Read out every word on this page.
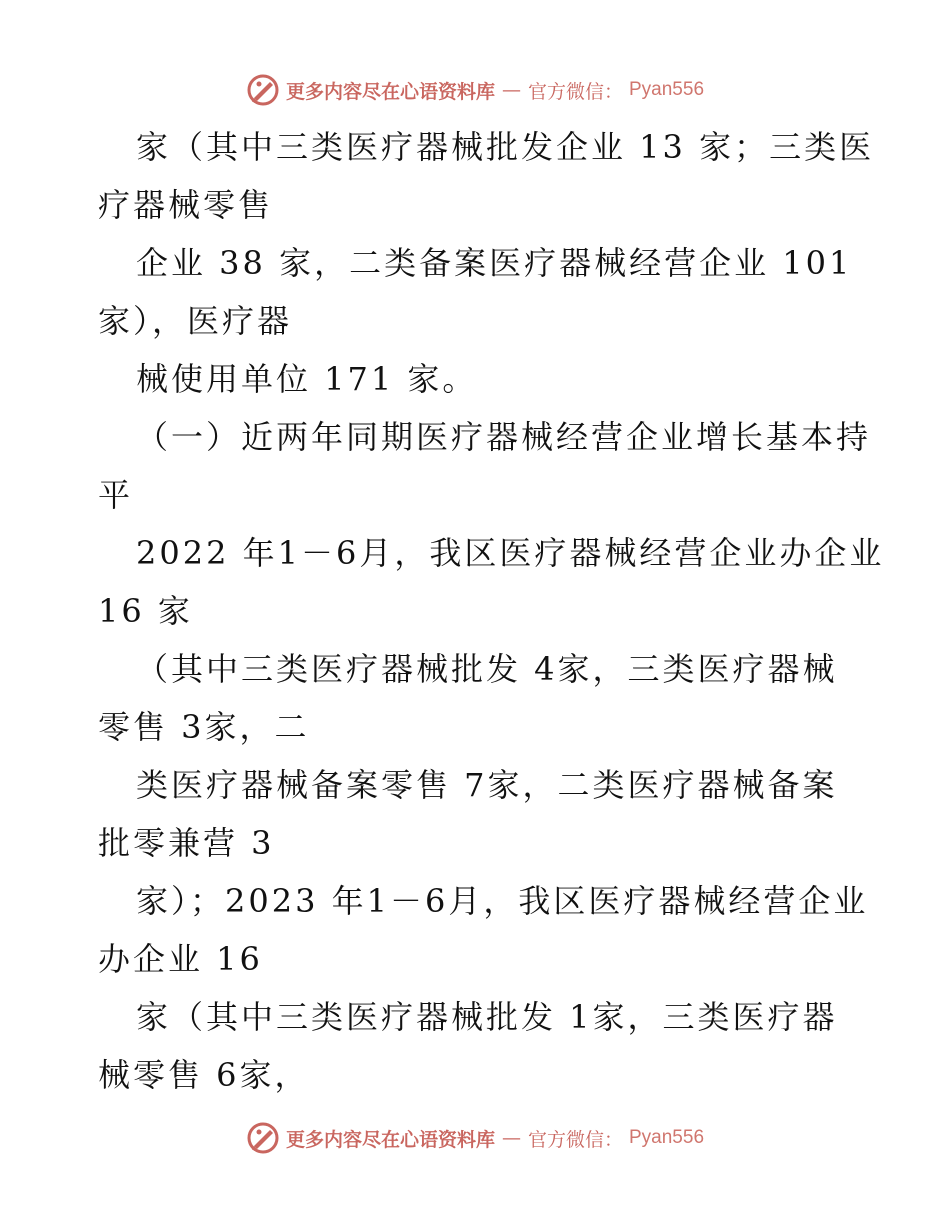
更多内容尽在心语资料库 — 官方微信： Pyan556
家（其中三类医疗器械批发企业 13 家；三类医
疗器械零售
企业 38 家，二类备案医疗器械经营企业 101
家），医疗器
械使用单位 171 家。
（一）近两年同期医疗器械经营企业增长基本持
平
2022 年1－6月，我区医疗器械经营企业办企业
16 家
（其中三类医疗器械批发 4家，三类医疗器械
零售 3家，二
类医疗器械备案零售 7家，二类医疗器械备案
批零兼营 3
家）；2023 年1－6月，我区医疗器械经营企业
办企业 16
家（其中三类医疗器械批发 1家，三类医疗器
械零售 6家，
更多内容尽在心语资料库 — 官方微信： Pyan556
